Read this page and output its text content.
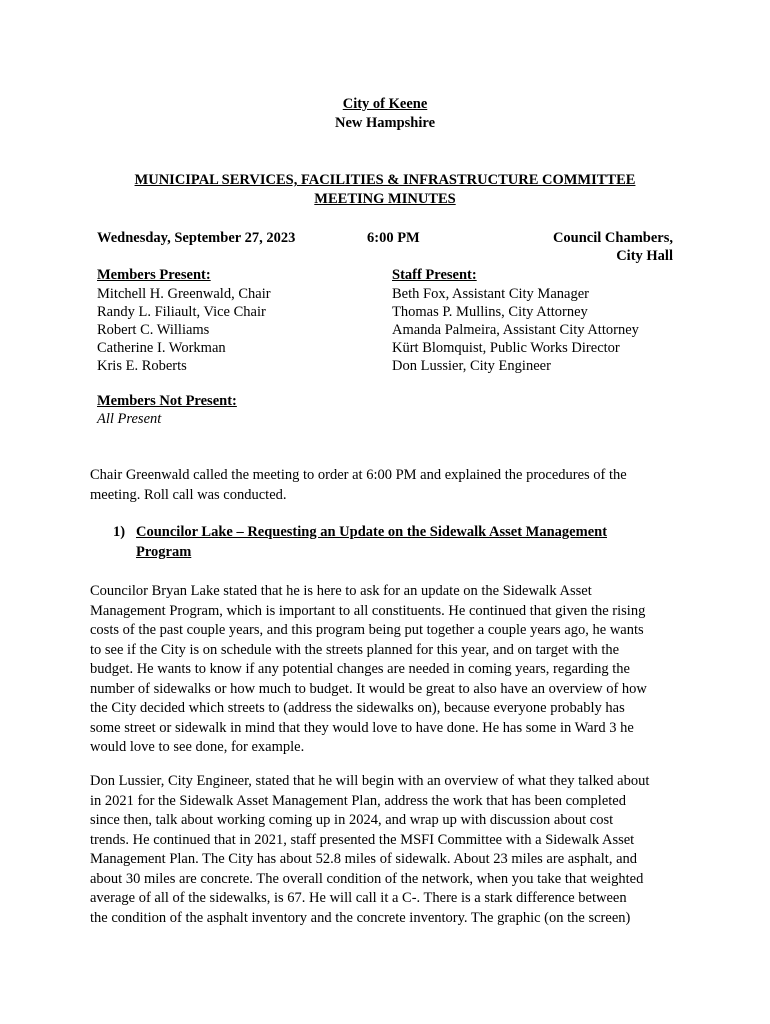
City of Keene
New Hampshire
MUNICIPAL SERVICES, FACILITIES & INFRASTRUCTURE COMMITTEE
MEETING MINUTES
Wednesday, September 27, 2023	6:00 PM	Council Chambers,
City Hall
Members Present:
Mitchell H. Greenwald, Chair
Randy L. Filiault, Vice Chair
Robert C. Williams
Catherine I. Workman
Kris E. Roberts
Staff Present:
Beth Fox, Assistant City Manager
Thomas P. Mullins, City Attorney
Amanda Palmeira, Assistant City Attorney
Kürt Blomquist, Public Works Director
Don Lussier, City Engineer
Members Not Present:
All Present

Chair Greenwald called the meeting to order at 6:00 PM and explained the procedures of the
meeting. Roll call was conducted.

1) Councilor Lake – Requesting an Update on the Sidewalk Asset Management
Program

Councilor Bryan Lake stated that he is here to ask for an update on the Sidewalk Asset
Management Program, which is important to all constituents. He continued that given the rising
costs of the past couple years, and this program being put together a couple years ago, he wants
to see if the City is on schedule with the streets planned for this year, and on target with the
budget. He wants to know if any potential changes are needed in coming years, regarding the
number of sidewalks or how much to budget. It would be great to also have an overview of how
the City decided which streets to (address the sidewalks on), because everyone probably has
some street or sidewalk in mind that they would love to have done. He has some in Ward 3 he
would love to see done, for example.

Don Lussier, City Engineer, stated that he will begin with an overview of what they talked about
in 2021 for the Sidewalk Asset Management Plan, address the work that has been completed
since then, talk about working coming up in 2024, and wrap up with discussion about cost
trends. He continued that in 2021, staff presented the MSFI Committee with a Sidewalk Asset
Management Plan. The City has about 52.8 miles of sidewalk. About 23 miles are asphalt, and
about 30 miles are concrete. The overall condition of the network, when you take that weighted
average of all of the sidewalks, is 67. He will call it a C-. There is a stark difference between
the condition of the asphalt inventory and the concrete inventory. The graphic (on the screen)
